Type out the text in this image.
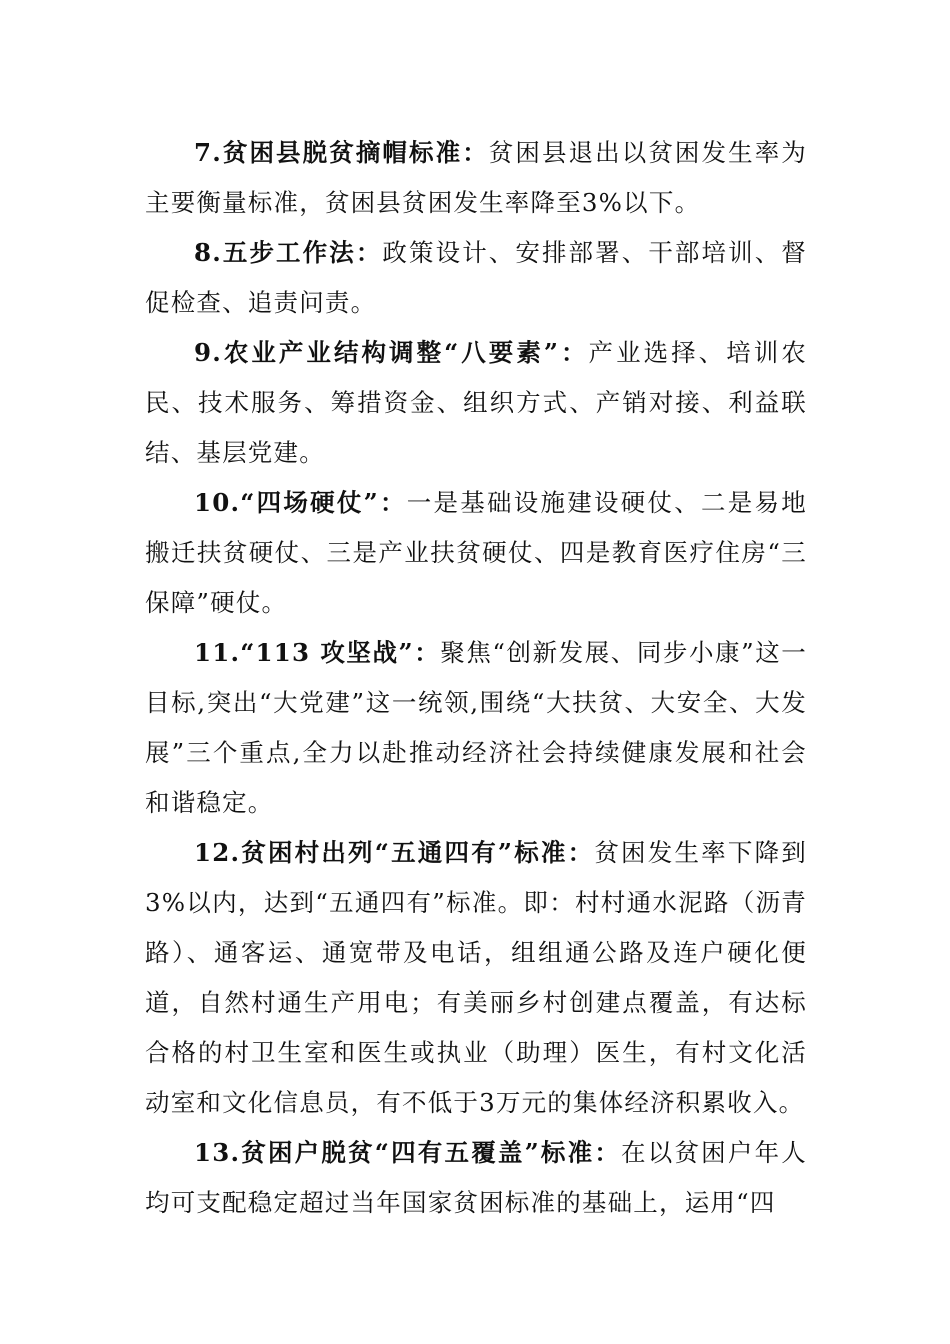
7.贫困县脱贫摘帽标准：贫困县退出以贫困发生率为主要衡量标准，贫困县贫困发生率降至3%以下。

8.五步工作法：政策设计、安排部署、干部培训、督促检查、追责问责。

9.农业产业结构调整“八要素”：产业选择、培训农民、技术服务、筹措资金、组织方式、产销对接、利益联结、基层党建。

10.“四场硬仗”：一是基础设施建设硬仗、二是易地搬迁扶贫硬仗、三是产业扶贫硬仗、四是教育医疗住房“三保障”硬仗。

11.“113 攻坚战”：聚焦“创新发展、同步小康”这一目标,突出“大党建”这一统领,围绕“大扶贫、大安全、大发展”三个重点,全力以赴推动经济社会持续健康发展和社会和谐稳定。

12.贫困村出列“五通四有”标准：贫困发生率下降到3%以内，达到“五通四有”标准。即：村村通水泥路（沥青路）、通客运、通宽带及电话，组组通公路及连户硬化便道，自然村通生产用电；有美丽乡村创建点覆盖，有达标合格的村卫生室和医生或执业（助理）医生，有村文化活动室和文化信息员，有不低于3万元的集体经济积累收入。

13.贫困户脱贫“四有五覆盖”标准：在以贫困户年人均可支配稳定超过当年国家贫困标准的基础上，运用“四
